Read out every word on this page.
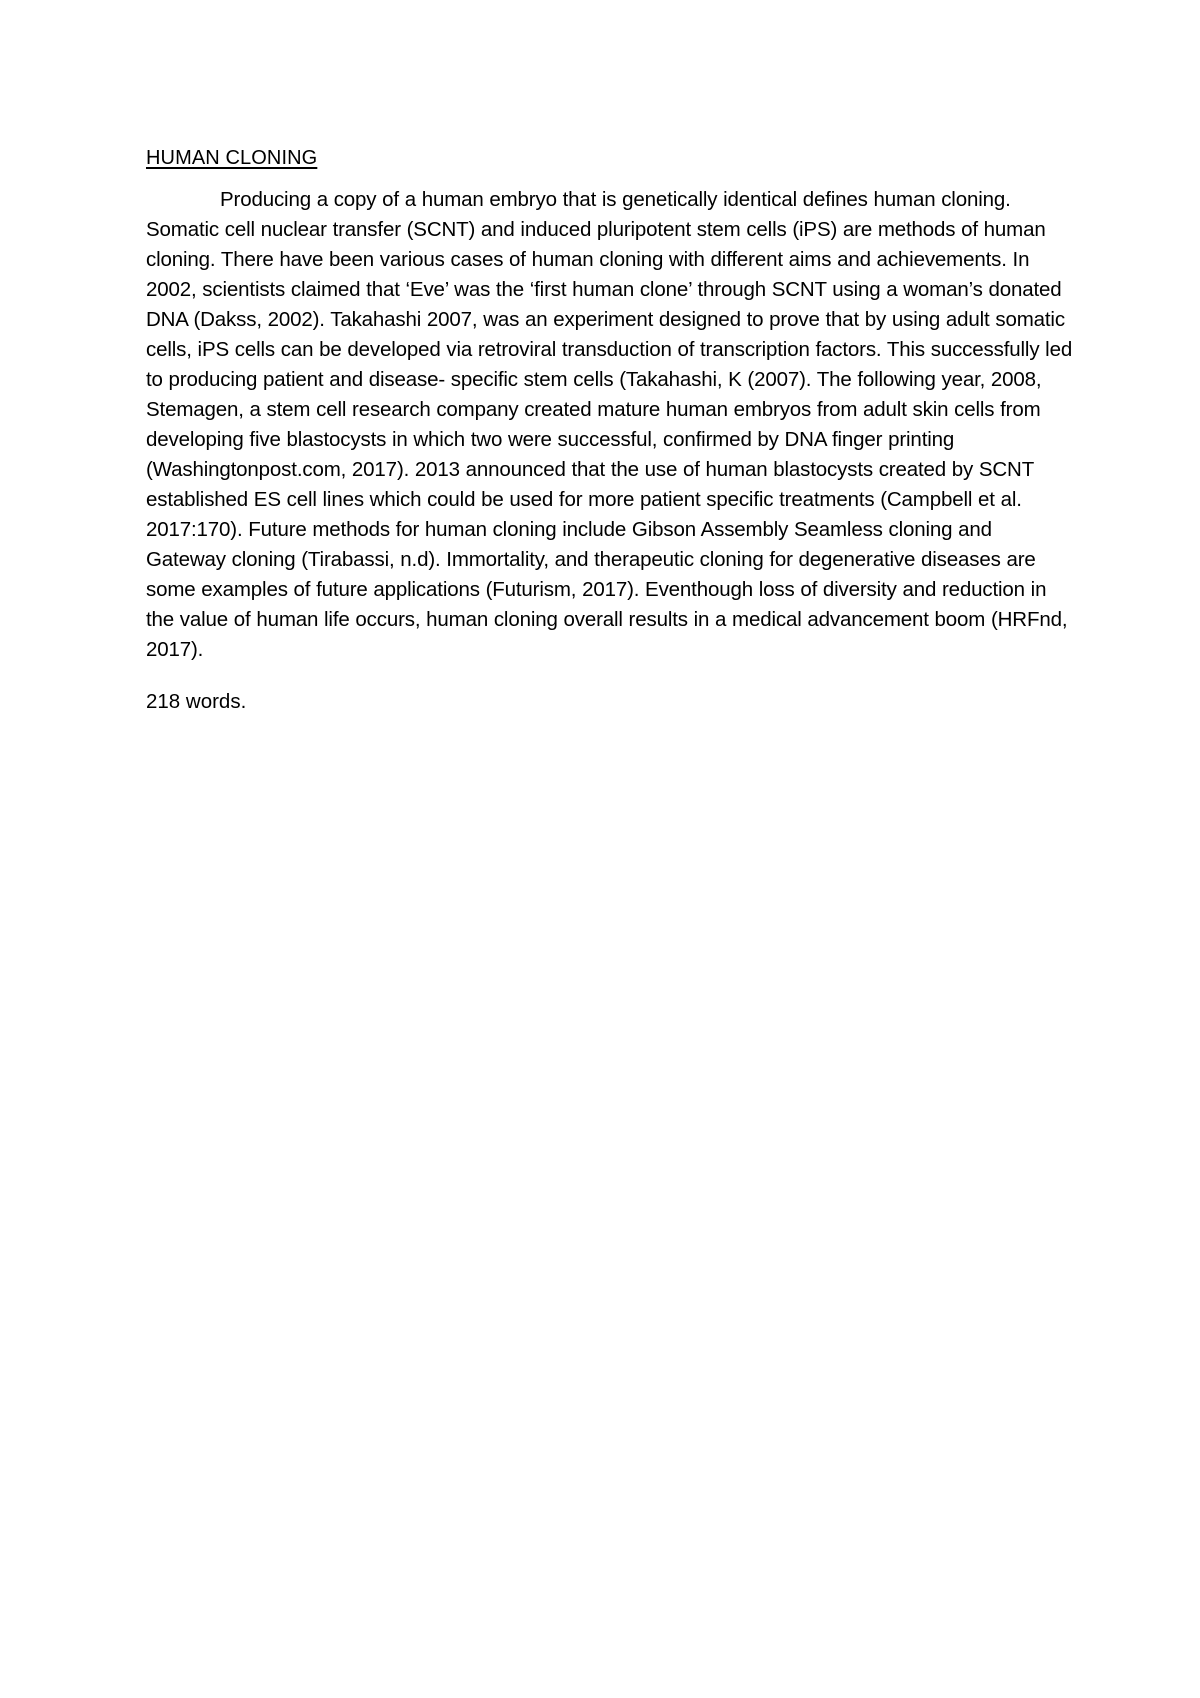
HUMAN CLONING

Producing a copy of a human embryo that is genetically identical defines human cloning. Somatic cell nuclear transfer (SCNT) and induced pluripotent stem cells (iPS) are methods of human cloning. There have been various cases of human cloning with different aims and achievements. In 2002, scientists claimed that ‘Eve’ was the ‘first human clone’ through SCNT using a woman’s donated DNA (Dakss, 2002). Takahashi 2007, was an experiment designed to prove that by using adult somatic cells, iPS cells can be developed via retroviral transduction of transcription factors. This successfully led to producing patient and disease- specific stem cells (Takahashi, K (2007). The following year, 2008, Stemagen, a stem cell research company created mature human embryos from adult skin cells from developing five blastocysts in which two were successful, confirmed by DNA finger printing (Washingtonpost.com, 2017). 2013 announced that the use of human blastocysts created by SCNT established ES cell lines which could be used for more patient specific treatments (Campbell et al. 2017:170). Future methods for human cloning include Gibson Assembly Seamless cloning and Gateway cloning (Tirabassi, n.d). Immortality, and therapeutic cloning for degenerative diseases are some examples of future applications (Futurism, 2017). Eventhough loss of diversity and reduction in the value of human life occurs, human cloning overall results in a medical advancement boom (HRFnd, 2017).

218 words.
